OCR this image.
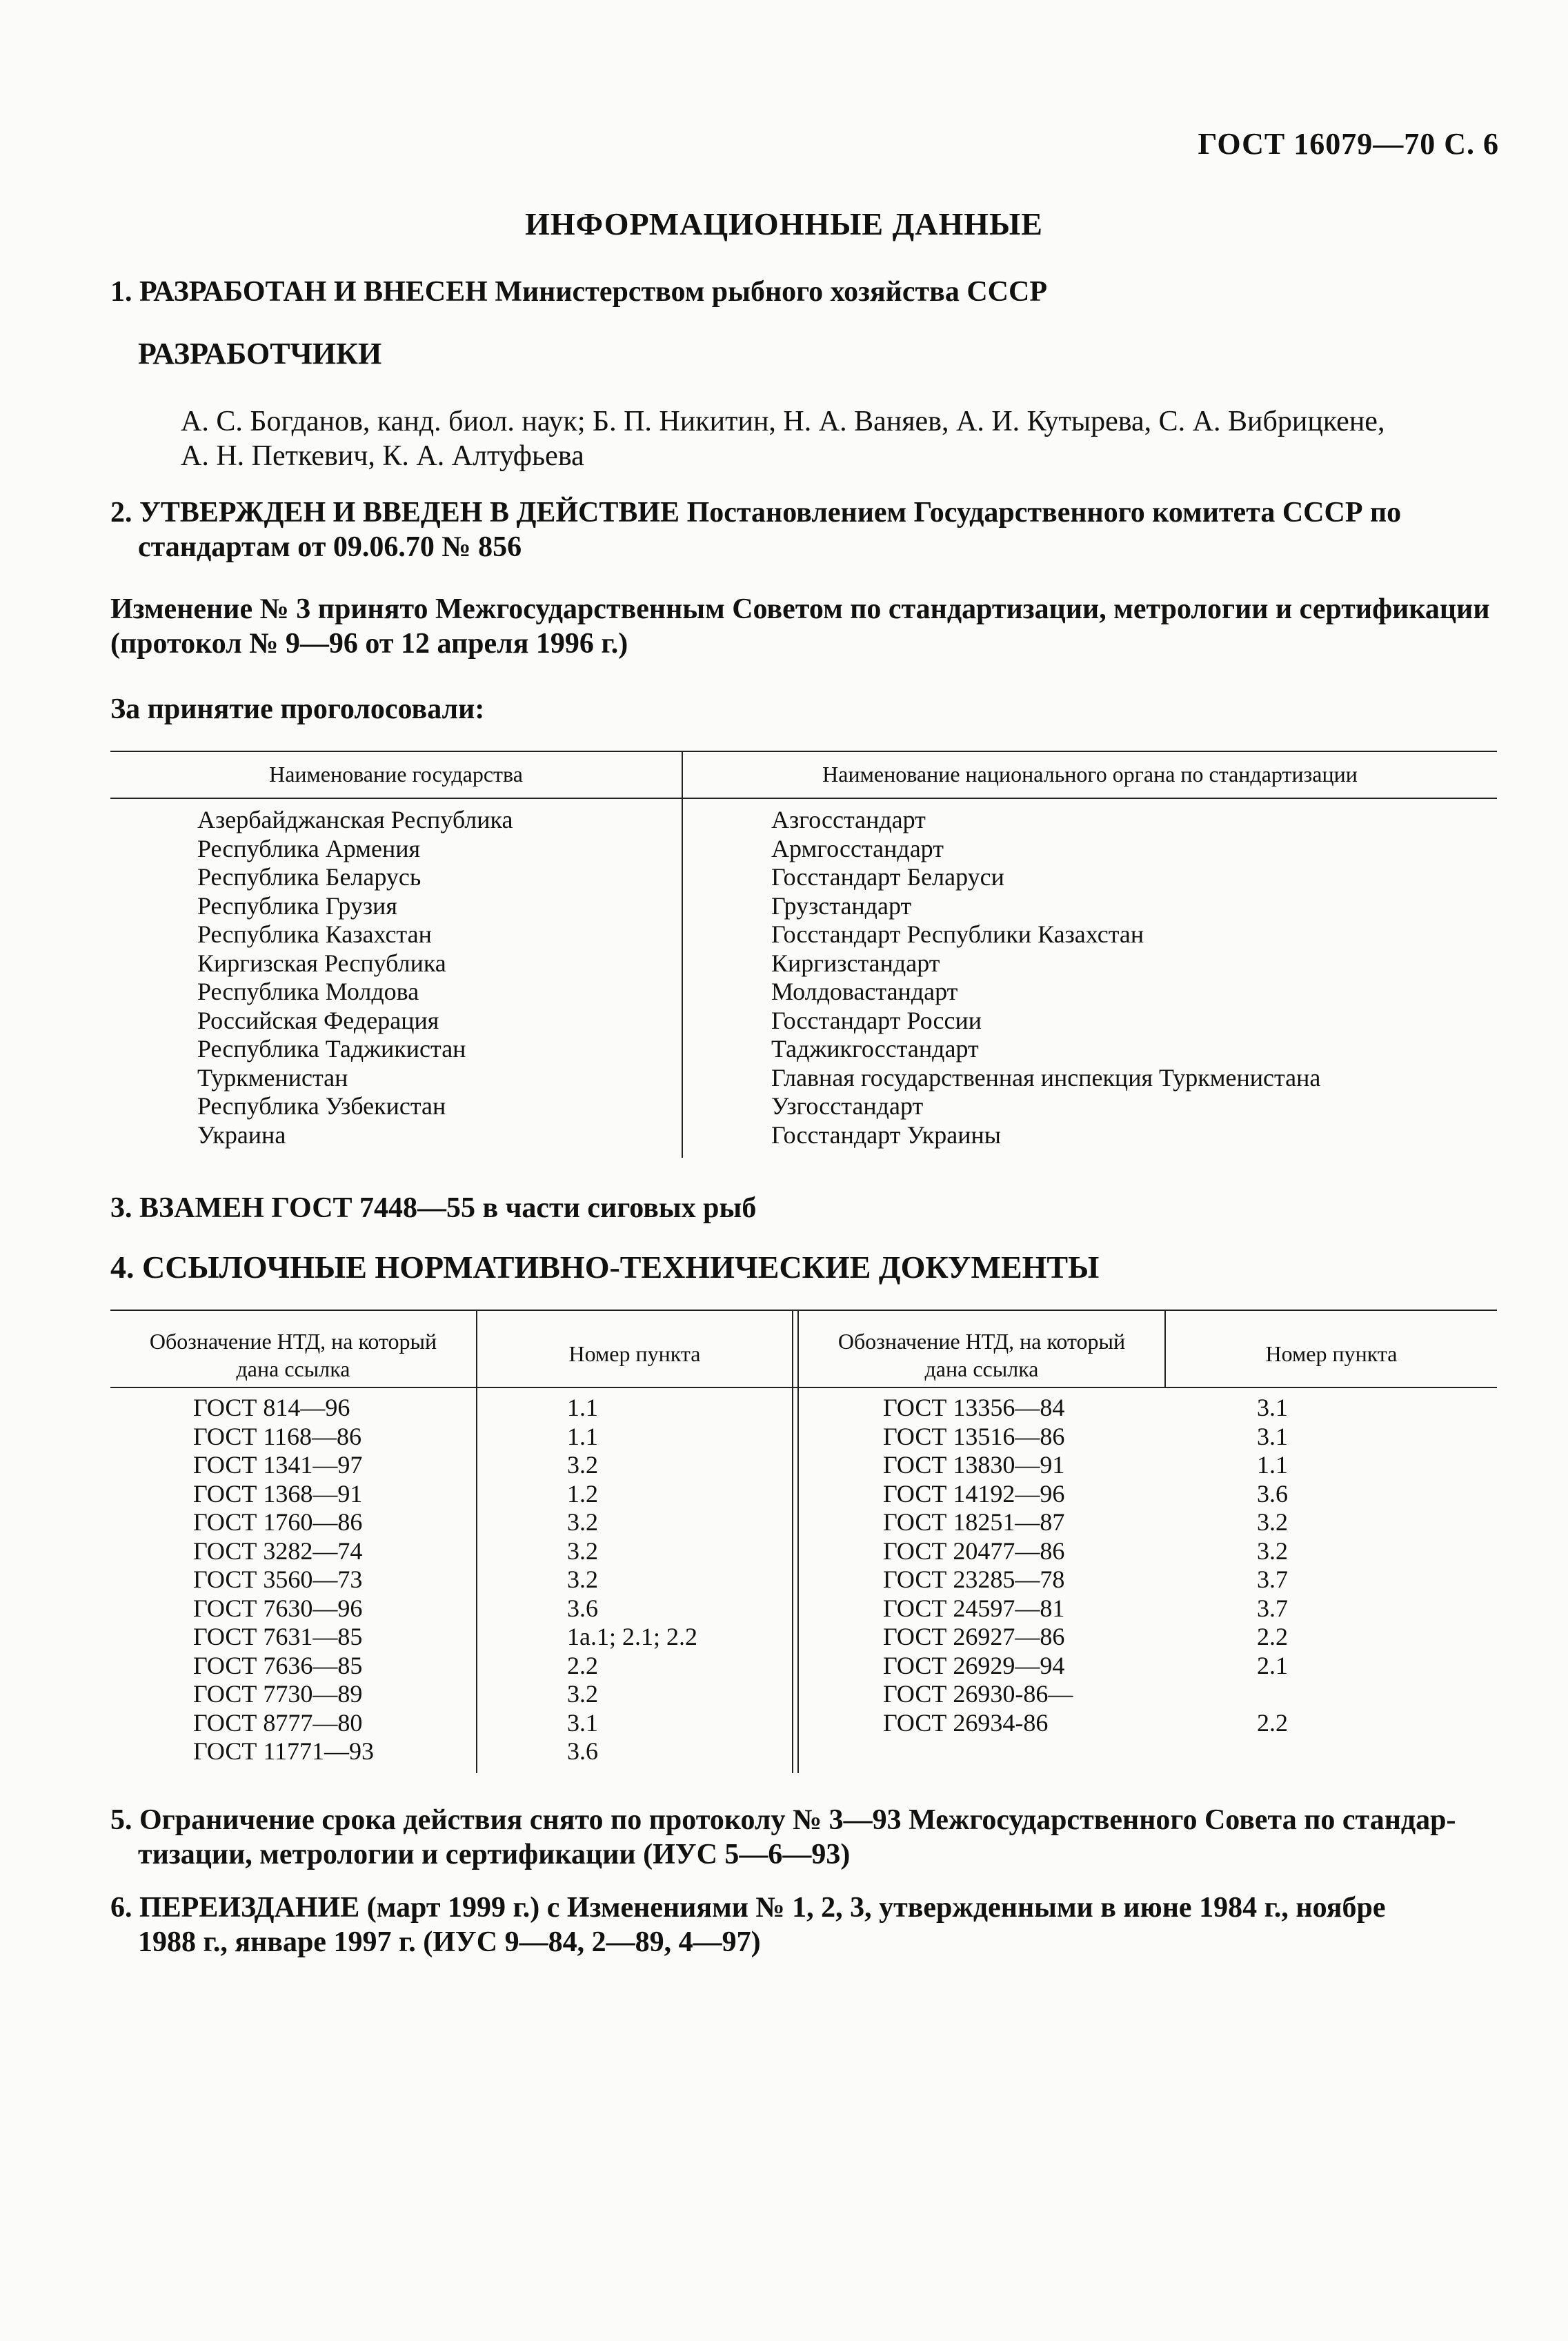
ГОСТ 16079—70 С. 6
ИНФОРМАЦИОННЫЕ ДАННЫЕ
1. РАЗРАБОТАН И ВНЕСЕН Министерством рыбного хозяйства СССР
РАЗРАБОТЧИКИ
А. С. Богданов, канд. биол. наук; Б. П. Никитин, Н. А. Ваняев, А. И. Кутырева, С. А. Вибрицкене,
А. Н. Петкевич, К. А. Алтуфьева
2. УТВЕРЖДЕН И ВВЕДЕН В ДЕЙСТВИЕ Постановлением Государственного комитета СССР по
стандартам от 09.06.70 № 856
Изменение № 3 принято Межгосударственным Советом по стандартизации, метрологии и сертификации
(протокол № 9—96 от 12 апреля 1996 г.)
За принятие проголосовали:
Наименование государства	Наименование национального органа по стандартизации
Азербайджанская Республика
Республика Армения
Республика Беларусь
Республика Грузия
Республика Казахстан
Киргизская Республика
Республика Молдова
Российская Федерация
Республика Таджикистан
Туркменистан
Республика Узбекистан
Украина
Азгосстандарт
Армгосстандарт
Госстандарт Беларуси
Грузстандарт
Госстандарт Республики Казахстан
Киргизстандарт
Молдовастандарт
Госстандарт России
Таджикгосстандарт
Главная государственная инспекция Туркменистана
Узгосстандарт
Госстандарт Украины
3. ВЗАМЕН ГОСТ 7448—55 в части сиговых рыб
4. ССЫЛОЧНЫЕ НОРМАТИВНО-ТЕХНИЧЕСКИЕ ДОКУМЕНТЫ
Обозначение НТД, на который
дана ссылка
Номер пункта	Обозначение НТД, на который
дана ссылка
Номер пункта
ГОСТ 814—96
ГОСТ 1168—86
ГОСТ 1341—97
ГОСТ 1368—91
ГОСТ 1760—86
ГОСТ 3282—74
ГОСТ 3560—73
ГОСТ 7630—96
ГОСТ 7631—85
ГОСТ 7636—85
ГОСТ 7730—89
ГОСТ 8777—80
ГОСТ 11771—93
1.1
1.1
3.2
1.2
3.2
3.2
3.2
3.6
1а.1; 2.1; 2.2
2.2
3.2
3.1
3.6
ГОСТ 13356—84
ГОСТ 13516—86
ГОСТ 13830—91
ГОСТ 14192—96
ГОСТ 18251—87
ГОСТ 20477—86
ГОСТ 23285—78
ГОСТ 24597—81
ГОСТ 26927—86
ГОСТ 26929—94
ГОСТ 26930-86—
ГОСТ 26934-86
3.1
3.1
1.1
3.6
3.2
3.2
3.7
3.7
2.2
2.1
2.2
5. Ограничение срока действия снято по протоколу № 3—93 Межгосударственного Совета по стандар-
тизации, метрологии и сертификации (ИУС 5—6—93)
6. ПЕРЕИЗДАНИЕ (март 1999 г.) с Изменениями № 1, 2, 3, утвержденными в июне 1984 г., ноябре
1988 г., январе 1997 г. (ИУС 9—84, 2—89, 4—97)
